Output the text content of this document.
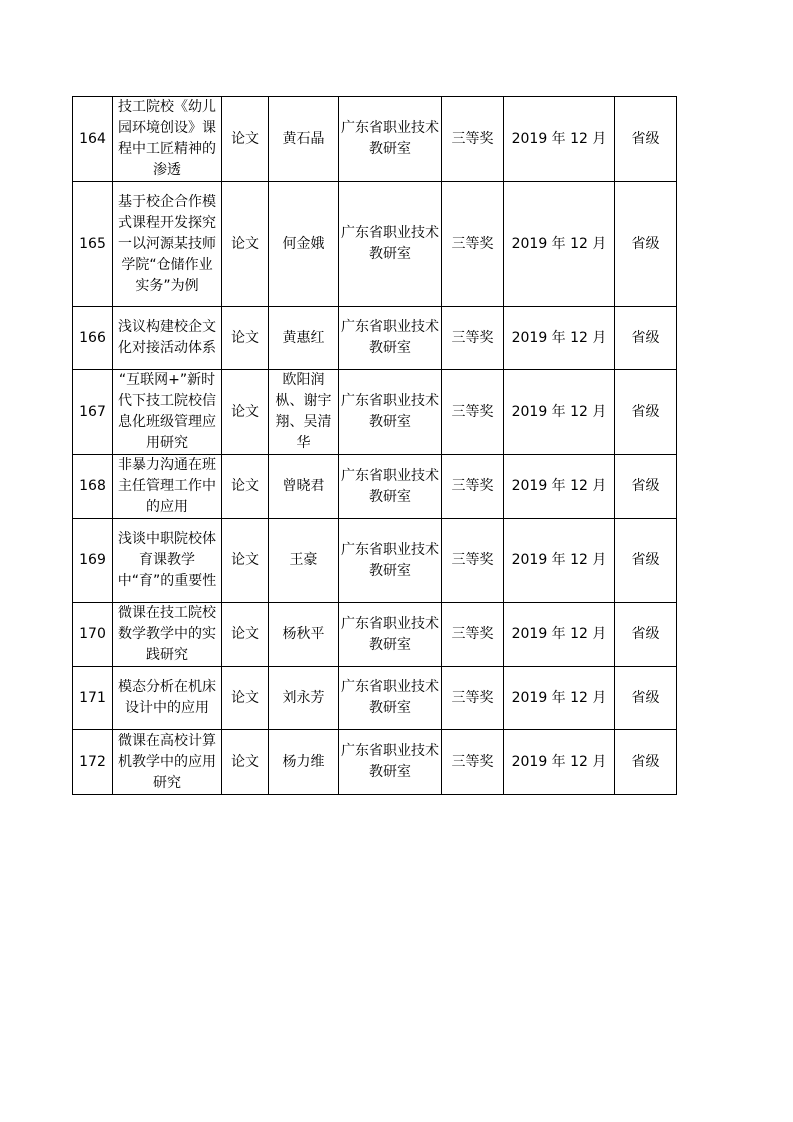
164	技工院校《幼儿园环境创设》课程中工匠精神的渗透	论文	黄石晶	广东省职业技术教研室	三等奖	2019 年 12 月	省级
165	基于校企合作模式课程开发探究一以河源某技师学院“仓储作业实务”为例	论文	何金娥	广东省职业技术教研室	三等奖	2019 年 12 月	省级
166	浅议构建校企文化对接活动体系	论文	黄惠红	广东省职业技术教研室	三等奖	2019 年 12 月	省级
167	“互联网+”新时代下技工院校信息化班级管理应用研究	论文	欧阳润枞、谢宇翔、吴清华	广东省职业技术教研室	三等奖	2019 年 12 月	省级
168	非暴力沟通在班主任管理工作中的应用	论文	曾晓君	广东省职业技术教研室	三等奖	2019 年 12 月	省级
169	浅谈中职院校体育课教学中“育”的重要性	论文	王豪	广东省职业技术教研室	三等奖	2019 年 12 月	省级
170	微课在技工院校数学教学中的实践研究	论文	杨秋平	广东省职业技术教研室	三等奖	2019 年 12 月	省级
171	模态分析在机床设计中的应用	论文	刘永芳	广东省职业技术教研室	三等奖	2019 年 12 月	省级
172	微课在高校计算机教学中的应用研究	论文	杨力维	广东省职业技术教研室	三等奖	2019 年 12 月	省级
